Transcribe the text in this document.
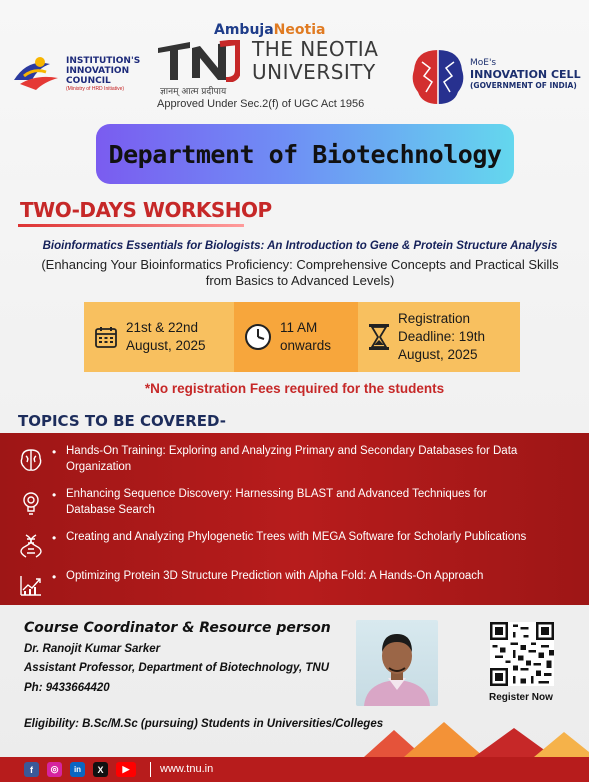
INSTITUTION'S
INNOVATION
COUNCIL
(Ministry of HRD Initiative)
AmbujaNeotia
THE NEOTIA
UNIVERSITY
ज्ञानम् आत्म प्रदीपाय
Approved Under Sec.2(f) of UGC Act 1956
MoE's
INNOVATION CELL
(GOVERNMENT OF INDIA)
Department of Biotechnology
TWO-DAYS WORKSHOP
Bioinformatics Essentials for Biologists: An Introduction to Gene & Protein Structure Analysis
(Enhancing Your Bioinformatics Proficiency: Comprehensive Concepts and Practical Skills from Basics to Advanced Levels)
21st & 22nd
August, 2025
11 AM
onwards
Registration
Deadline: 19th
August, 2025
*No registration Fees required for the students
TOPICS TO BE COVERED-
• Hands-On Training: Exploring and Analyzing Primary and Secondary Databases for Data Organization
• Enhancing Sequence Discovery: Harnessing BLAST and Advanced Techniques for Database Search
• Creating and Analyzing Phylogenetic Trees with MEGA Software for Scholarly Publications
• Optimizing Protein 3D Structure Prediction with Alpha Fold: A Hands-On Approach
Course Coordinator & Resource person
Dr. Ranojit Kumar Sarker
Assistant Professor, Department of Biotechnology, TNU
Ph: 9433664420
Register Now
Eligibility: B.Sc/M.Sc (pursuing) Students in Universities/Colleges
f	◎	in	X	▶	www.tnu.in
